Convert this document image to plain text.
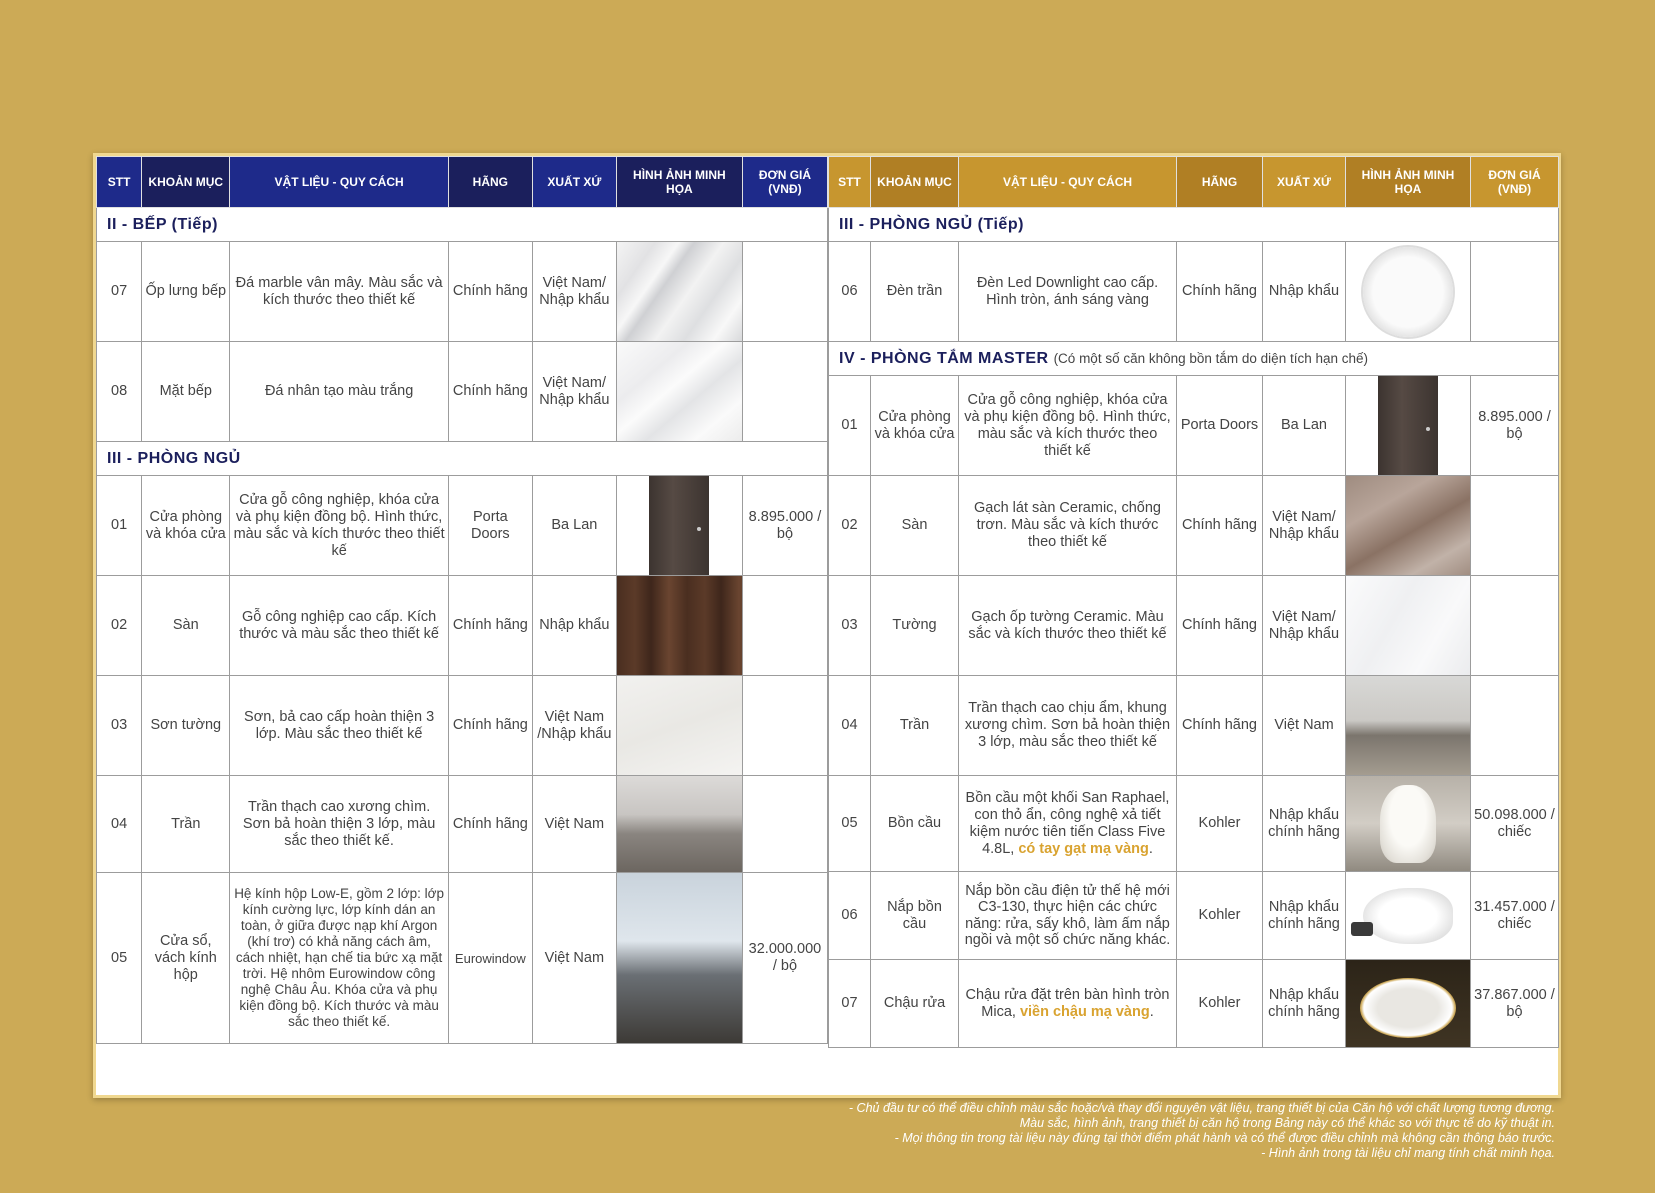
STT	KHOẢN MỤC	VẬT LIỆU - QUY CÁCH	HÃNG	XUẤT XỨ	HÌNH ẢNH MINH HỌA	ĐƠN GIÁ (VNĐ)
II - BẾP (Tiếp)						
07	Ốp lưng bếp	Đá marble vân mây. Màu sắc và kích thước theo thiết kế	Chính hãng	Việt Nam/ Nhập khẩu	

08	Mặt bếp	Đá nhân tạo màu trắng	Chính hãng	Việt Nam/ Nhập khẩu	

III - PHÒNG NGỦ						
01	Cửa phòng và khóa cửa	Cửa gỗ công nghiệp, khóa cửa và phụ kiện đồng bộ. Hình thức, màu sắc và kích thước theo thiết kế	Porta Doors	Ba Lan		8.895.000 / bộ
02	Sàn	Gỗ công nghiệp cao cấp. Kích thước và màu sắc theo thiết kế	Chính hãng	Nhập khẩu	

03	Sơn tường	Sơn, bả cao cấp hoàn thiện 3 lớp. Màu sắc theo thiết kế	Chính hãng	Việt Nam /Nhập khẩu	

04	Trần	Trần thạch cao xương chìm. Sơn bả hoàn thiện 3 lớp, màu sắc theo thiết kế.	Chính hãng	Việt Nam	

05	Cửa sổ, vách kính hộp	Hệ kính hộp Low-E, gồm 2 lớp: lớp kính cường lực, lớp kính dán an toàn, ở giữa được nạp khí Argon (khí trơ) có khả năng cách âm, cách nhiệt, hạn chế tia bức xạ mặt trời. Hệ nhôm Eurowindow công nghệ Châu Âu. Khóa cửa và phụ kiện đồng bộ. Kích thước và màu sắc theo thiết kế.	Eurowindow	Việt Nam		32.000.000 / bộ
STT	KHOẢN MỤC	VẬT LIỆU - QUY CÁCH	HÃNG	XUẤT XỨ	HÌNH ẢNH MINH HỌA	ĐƠN GIÁ (VNĐ)
III - PHÒNG NGỦ (Tiếp)						
06	Đèn trần	Đèn Led Downlight cao cấp. Hình tròn, ánh sáng vàng	Chính hãng	Nhập khẩu	

IV - PHÒNG TẮM MASTER (Có một số căn không bồn tắm do diện tích hạn chế)						
01	Cửa phòng và khóa cửa	Cửa gỗ công nghiệp, khóa cửa và phụ kiện đồng bộ. Hình thức, màu sắc và kích thước theo thiết kế	Porta Doors	Ba Lan		8.895.000 / bộ
02	Sàn	Gạch lát sàn Ceramic, chống trơn. Màu sắc và kích thước theo thiết kế	Chính hãng	Việt Nam/ Nhập khẩu	

03	Tường	Gạch ốp tường Ceramic. Màu sắc và kích thước theo thiết kế	Chính hãng	Việt Nam/ Nhập khẩu	

04	Trần	Trần thạch cao chịu ẩm, khung xương chìm. Sơn bả hoàn thiện 3 lớp, màu sắc theo thiết kế	Chính hãng	Việt Nam	

05	Bồn cầu	Bồn cầu một khối San Raphael, con thỏ ẩn, công nghệ xả tiết kiệm nước tiên tiến Class Five 4.8L, có tay gạt mạ vàng.	Kohler	Nhập khẩu chính hãng		50.098.000 / chiếc
06	Nắp bồn cầu	Nắp bồn cầu điện tử thế hệ mới C3-130, thực hiện các chức năng: rửa, sấy khô, làm ấm nắp ngồi và một số chức năng khác.	Kohler	Nhập khẩu chính hãng		31.457.000 / chiếc
07	Chậu rửa	Chậu rửa đặt trên bàn hình tròn Mica, viền chậu mạ vàng.	Kohler	Nhập khẩu chính hãng		37.867.000 / bộ
- Chủ đầu tư có thể điều chỉnh màu sắc hoặc/và thay đổi nguyên vật liệu, trang thiết bị của Căn hộ với chất lượng tương đương.
Màu sắc, hình ảnh, trang thiết bị căn hộ trong Bảng này có thể khác so với thực tế do kỹ thuật in.
- Mọi thông tin trong tài liệu này đúng tại thời điểm phát hành và có thể được điều chỉnh mà không cần thông báo trước.
- Hình ảnh trong tài liệu chỉ mang tính chất minh họa.
